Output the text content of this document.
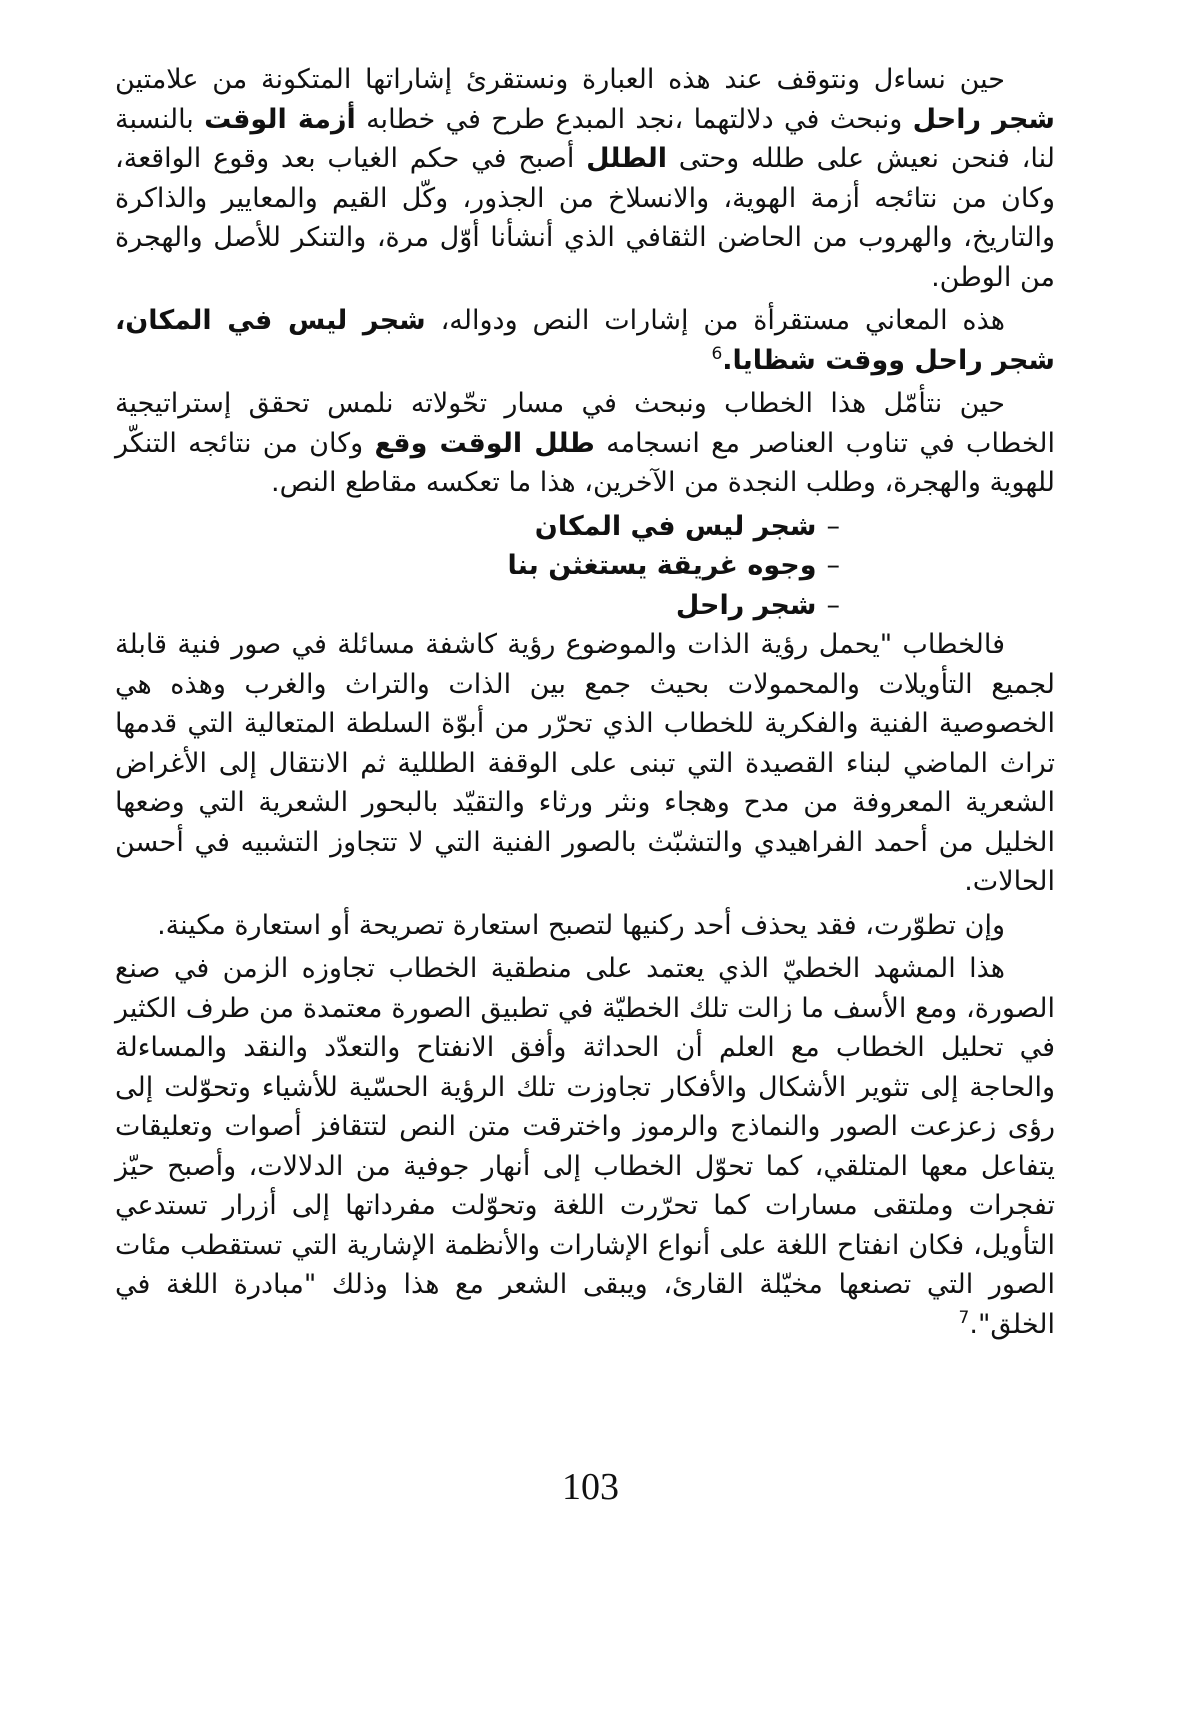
حين نساءل ونتوقف عند هذه العبارة ونستقرئ إشاراتها المتكونة من علامتين شجر راحل ونبحث في دلالتهما ،نجد المبدع طرح في خطابه أزمة الوقت بالنسبة لنا، فنحن نعيش على طلله وحتى الطلل أصبح في حكم الغياب بعد وقوع الواقعة، وكان من نتائجه أزمة الهوية، والانسلاخ من الجذور، وكّل القيم والمعايير والذاكرة والتاريخ، والهروب من الحاضن الثقافي الذي أنشأنا أوّل مرة، والتنكر للأصل والهجرة من الوطن.

هذه المعاني مستقرأة من إشارات النص ودواله، شجر ليس في المكان، شجر راحل ووقت شظايا.$^6$

حين نتأمّل هذا الخطاب ونبحث في مسار تحّولاته نلمس تحقق إستراتيجية الخطاب في تناوب العناصر مع انسجامه طلل الوقت وقع وكان من نتائجه التنكّر للهوية والهجرة، وطلب النجدة من الآخرين، هذا ما تعكسه مقاطع النص.

–شجر ليس في المكان
–وجوه غريقة يستغثن بنا
–شجر راحل

فالخطاب "يحمل رؤية الذات والموضوع رؤية كاشفة مسائلة في صور فنية قابلة لجميع التأويلات والمحمولات بحيث جمع بين الذات والتراث والغرب وهذه هي الخصوصية الفنية والفكرية للخطاب الذي تحرّر من أبوّة السلطة المتعالية التي قدمها تراث الماضي لبناء القصيدة التي تبنى على الوقفة الطللية ثم الانتقال إلى الأغراض الشعرية المعروفة من مدح وهجاء ونثر ورثاء والتقيّد بالبحور الشعرية التي وضعها الخليل من أحمد الفراهيدي والتشبّث بالصور الفنية التي لا تتجاوز التشبيه في أحسن الحالات.

وإن تطوّرت، فقد يحذف أحد ركنيها لتصبح استعارة تصريحة أو استعارة مكينة.

هذا المشهد الخطيّ الذي يعتمد على منطقية الخطاب تجاوزه الزمن في صنع الصورة، ومع الأسف ما زالت تلك الخطيّة في تطبيق الصورة معتمدة من طرف الكثير في تحليل الخطاب مع العلم أن الحداثة وأفق الانفتاح والتعدّد والنقد والمساءلة والحاجة إلى تثوير الأشكال والأفكار تجاوزت تلك الرؤية الحسّية للأشياء وتحوّلت إلى رؤى زعزعت الصور والنماذج والرموز واخترقت متن النص لتتقافز أصوات وتعليقات يتفاعل معها المتلقي، كما تحوّل الخطاب إلى أنهار جوفية من الدلالات، وأصبح حيّز تفجرات وملتقى مسارات كما تحرّرت اللغة وتحوّلت مفرداتها إلى أزرار تستدعي التأويل، فكان انفتاح اللغة على أنواع الإشارات والأنظمة الإشارية التي تستقطب مئات الصور التي تصنعها مخيّلة القارئ، ويبقى الشعر مع هذا وذلك "مبادرة اللغة في الخلق".$^7$

103
